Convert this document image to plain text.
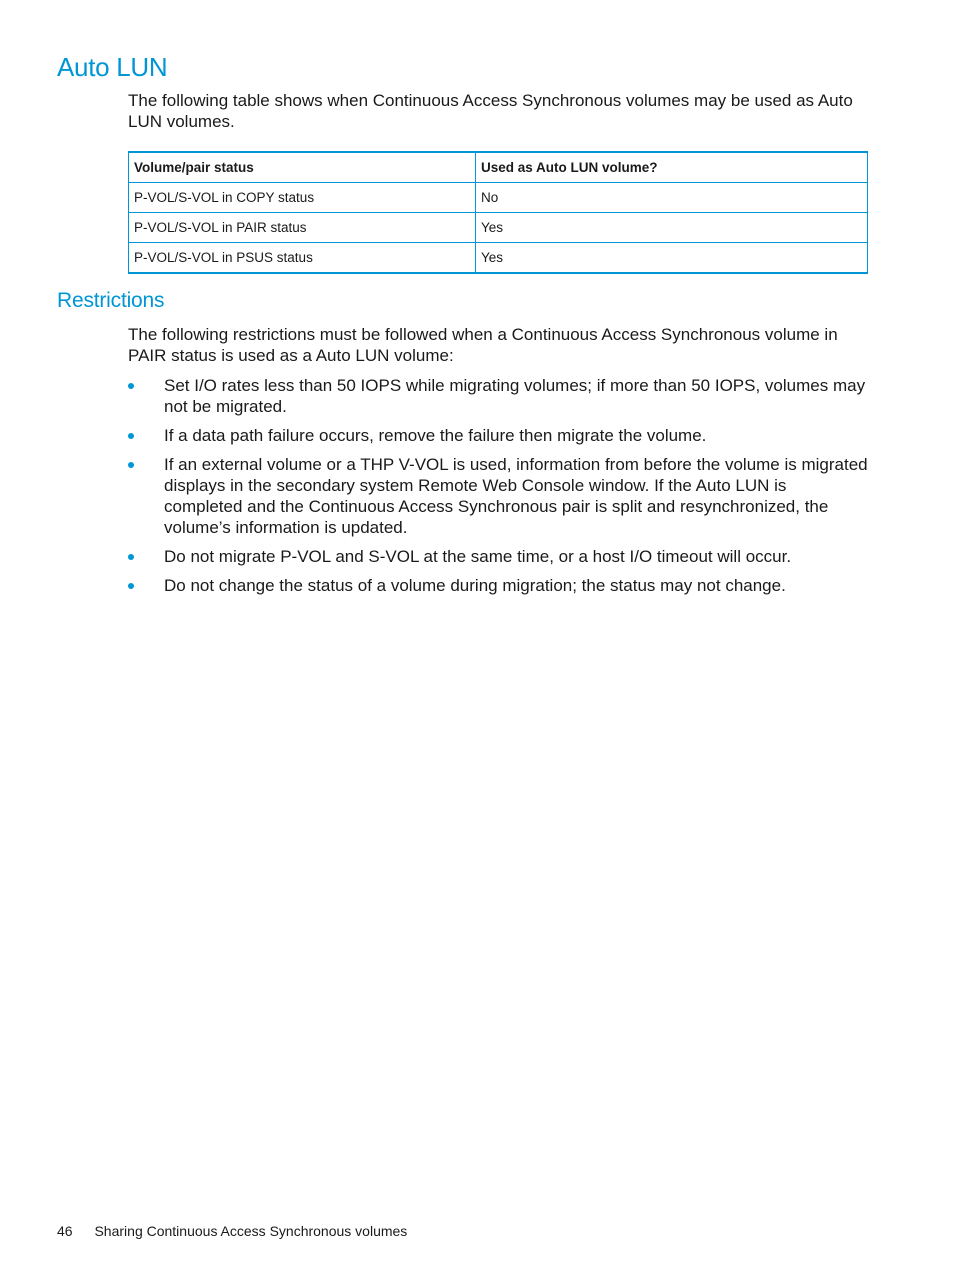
Auto LUN

The following table shows when Continuous Access Synchronous volumes may be used as Auto LUN volumes.

Volume/pair status	Used as Auto LUN volume?
P-VOL/S-VOL in COPY status	No
P-VOL/S-VOL in PAIR status	Yes
P-VOL/S-VOL in PSUS status	Yes
Restrictions

The following restrictions must be followed when a Continuous Access Synchronous volume in PAIR status is used as a Auto LUN volume:

Set I/O rates less than 50 IOPS while migrating volumes; if more than 50 IOPS, volumes may not be migrated.
If a data path failure occurs, remove the failure then migrate the volume.
If an external volume or a THP V-VOL is used, information from before the volume is migrated displays in the secondary system Remote Web Console window. If the Auto LUN is completed and the Continuous Access Synchronous pair is split and resynchronized, the volume’s information is updated.
Do not migrate P-VOL and S-VOL at the same time, or a host I/O timeout will occur.
Do not change the status of a volume during migration; the status may not change.
46 Sharing Continuous Access Synchronous volumes
